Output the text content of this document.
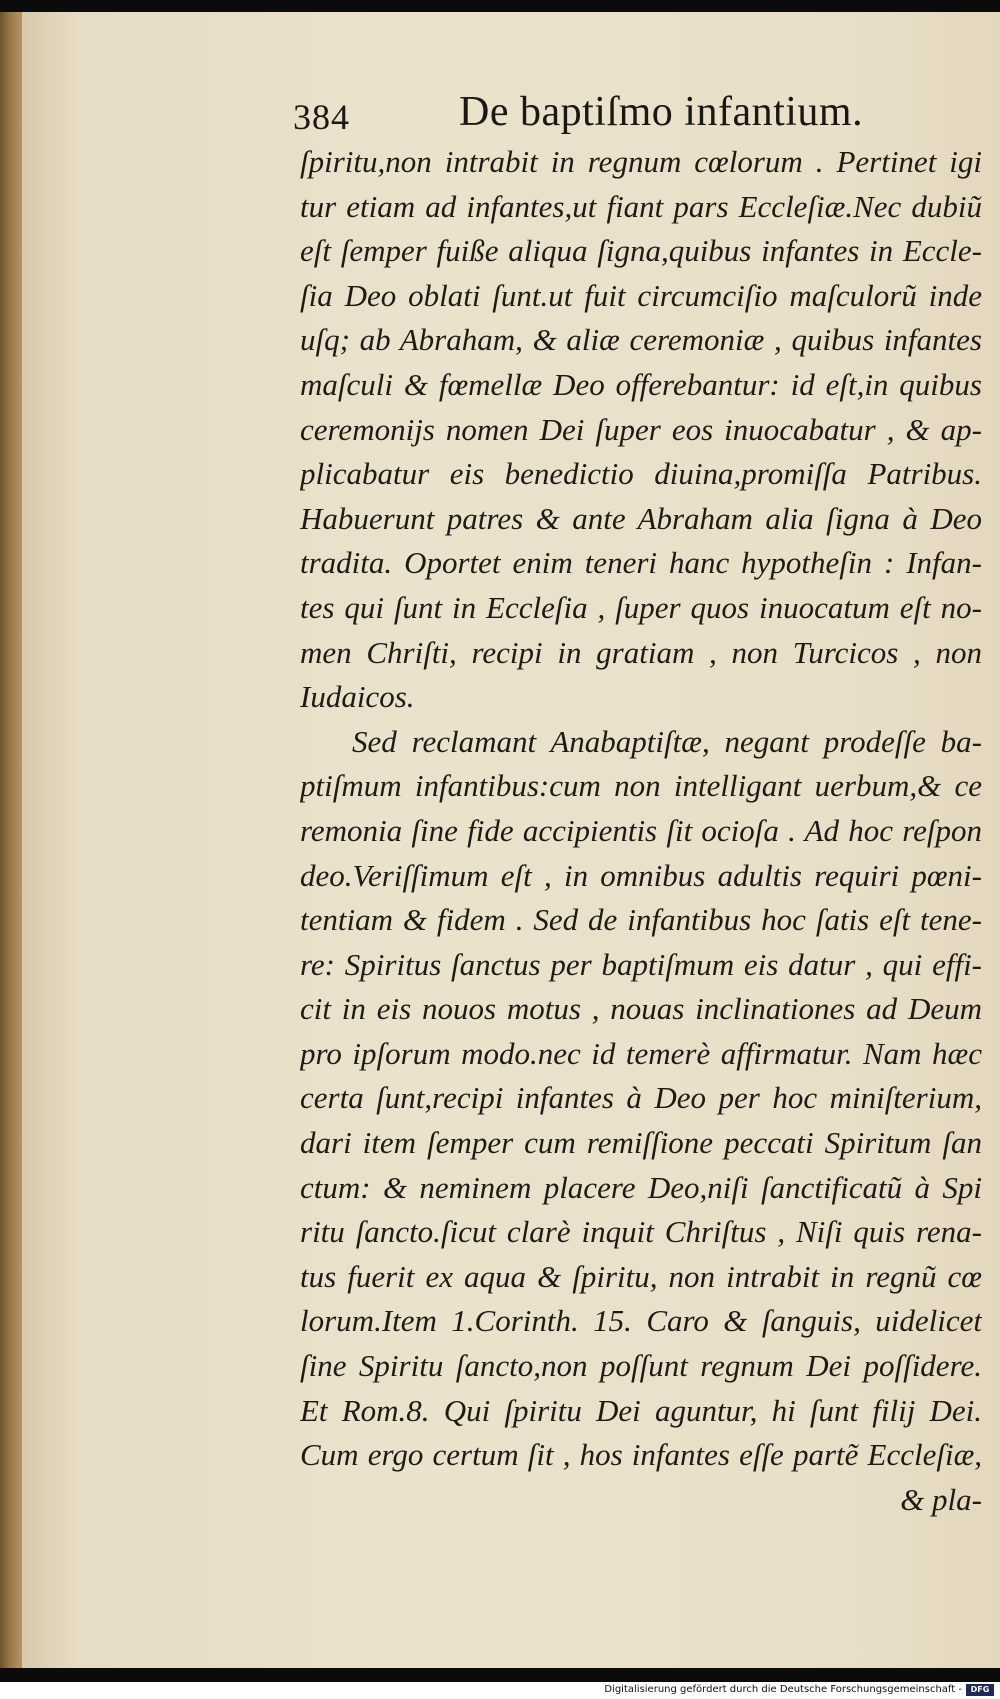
384	De baptiſmo infantium.
ſpiritu,non intrabit in regnum cœlorum . Pertinet igi
tur etiam ad infantes,ut fiant pars Eccleſiæ.Nec dubiũ
eſt ſemper fuiße aliqua ſigna,quibus infantes in Eccle-
ſia Deo oblati ſunt.ut fuit circumciſio maſculorũ inde
uſq; ab Abraham, & aliæ ceremoniæ , quibus infantes
maſculi & fœmellæ Deo offerebantur: id eſt,in quibus
ceremonijs nomen Dei ſuper eos inuocabatur , & ap-
plicabatur eis benedictio diuina,promiſſa Patribus.
Habuerunt patres & ante Abraham alia ſigna à Deo
tradita. Oportet enim teneri hanc hypotheſin : Infan-
tes qui ſunt in Eccleſia , ſuper quos inuocatum eſt no-
men Chriſti, recipi in gratiam , non Turcicos , non
Iudaicos.
Sed reclamant Anabaptiſtæ, negant prodeſſe ba-
ptiſmum infantibus:cum non intelligant uerbum,& ce
remonia ſine fide accipientis ſit ocioſa . Ad hoc reſpon
deo.Veriſſimum eſt , in omnibus adultis requiri pœni-
tentiam & fidem . Sed de infantibus hoc ſatis eſt tene-
re: Spiritus ſanctus per baptiſmum eis datur , qui effi-
cit in eis nouos motus , nouas inclinationes ad Deum
pro ipſorum modo.nec id temerè affirmatur. Nam hæc
certa ſunt,recipi infantes à Deo per hoc miniſterium,
dari item ſemper cum remiſſione peccati Spiritum ſan
ctum: & neminem placere Deo,niſi ſanctificatũ à Spi
ritu ſancto.ſicut clarè inquit Chriſtus , Niſi quis rena-
tus fuerit ex aqua & ſpiritu, non intrabit in regnũ cœ
lorum.Item 1.Corinth. 15. Caro & ſanguis, uidelicet
ſine Spiritu ſancto,non poſſunt regnum Dei poſſidere.
Et Rom.8. Qui ſpiritu Dei aguntur, hi ſunt filij Dei.
Cum ergo certum ſit , hos infantes eſſe partẽ Eccleſiæ,
& pla-
Digitalisierung gefördert durch die Deutsche Forschungsgemeinschaft -	DFG
